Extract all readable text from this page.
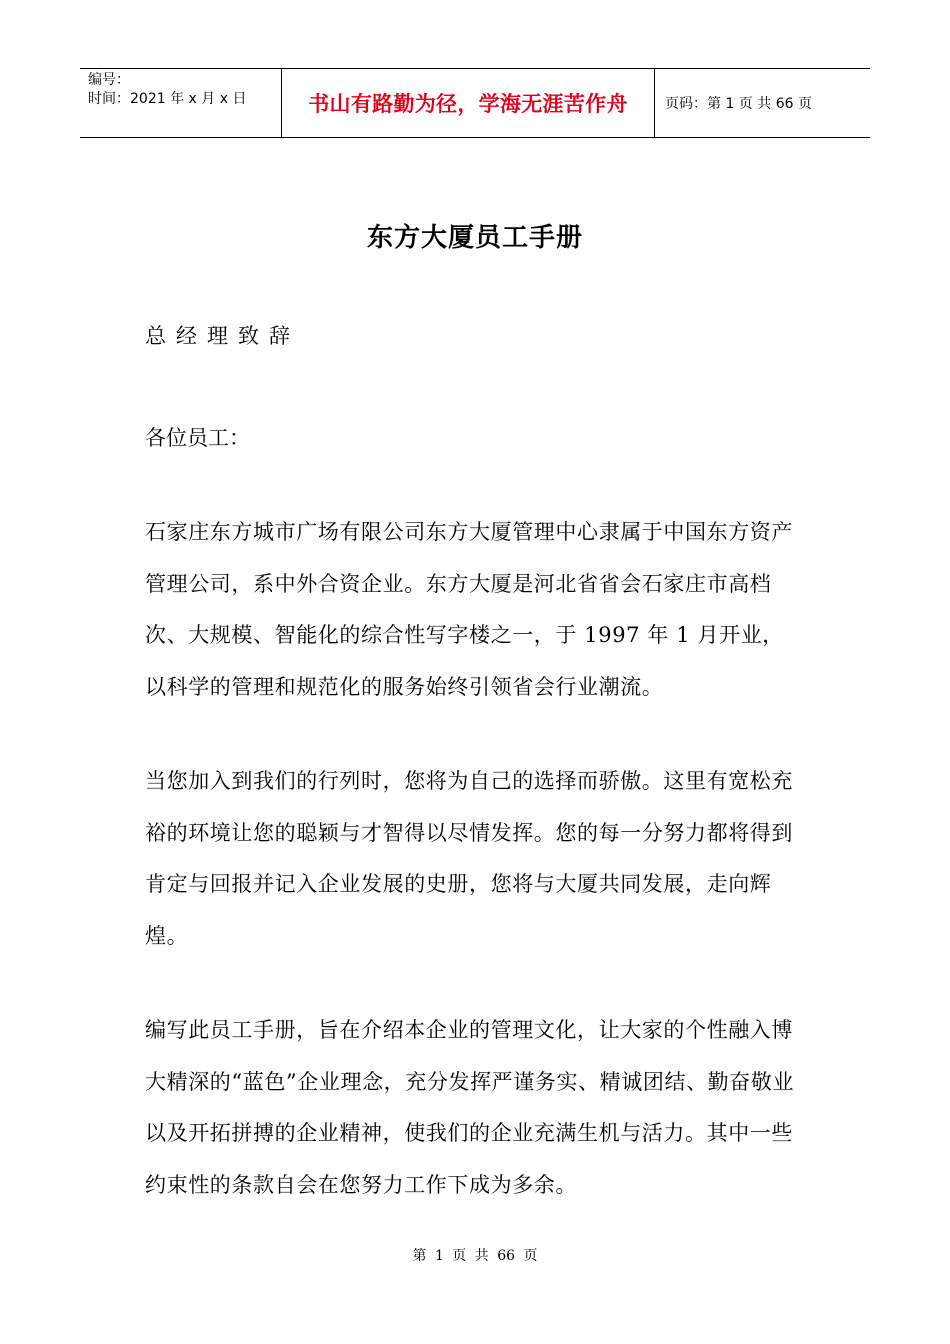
编号：
时间：2021 年 x 月 x 日	书山有路勤为径，学海无涯苦作舟	页码：第 1 页 共 66 页
东方大厦员工手册
总经理致辞
各位员工：

石家庄东方城市广场有限公司东方大厦管理中心隶属于中国东方资产管理公司，系中外合资企业。东方大厦是河北省省会石家庄市高档次、大规模、智能化的综合性写字楼之一，于 1997 年 1 月开业，以科学的管理和规范化的服务始终引领省会行业潮流。

当您加入到我们的行列时，您将为自己的选择而骄傲。这里有宽松充裕的环境让您的聪颖与才智得以尽情发挥。您的每一分努力都将得到肯定与回报并记入企业发展的史册，您将与大厦共同发展，走向辉煌。

编写此员工手册，旨在介绍本企业的管理文化，让大家的个性融入博大精深的“蓝色”企业理念，充分发挥严谨务实、精诚团结、勤奋敬业以及开拓拼搏的企业精神，使我们的企业充满生机与活力。其中一些约束性的条款自会在您努力工作下成为多余。

第 1 页 共 66 页
